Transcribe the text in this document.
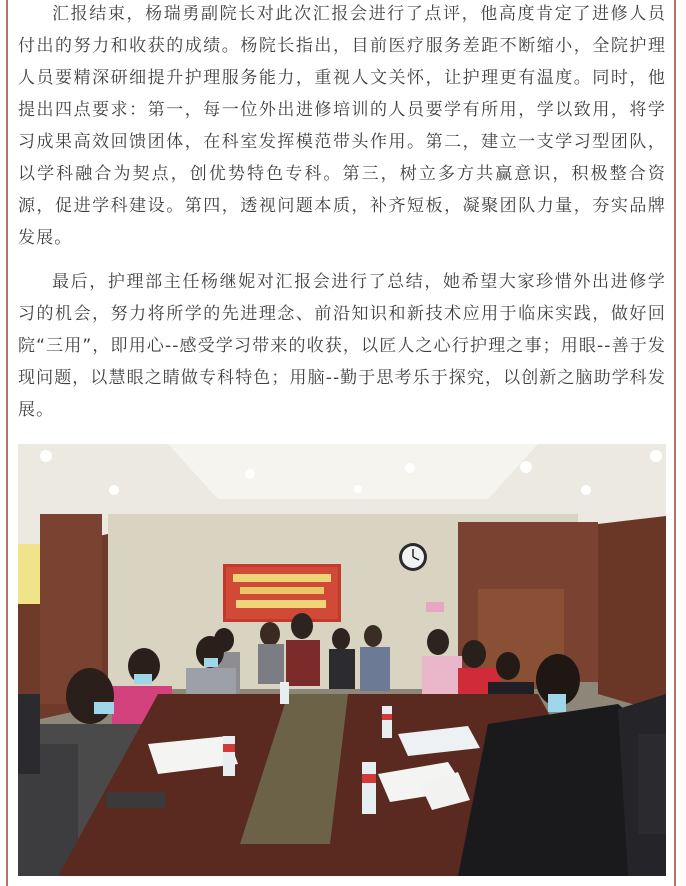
汇报结束，杨瑞勇副院长对此次汇报会进行了点评，他高度肯定了进修人员付出的努力和收获的成绩。杨院长指出，目前医疗服务差距不断缩小，全院护理人员要精深研细提升护理服务能力，重视人文关怀，让护理更有温度。同时，他提出四点要求：第一，每一位外出进修培训的人员要学有所用，学以致用，将学习成果高效回馈团体，在科室发挥模范带头作用。第二，建立一支学习型团队，以学科融合为契点，创优势特色专科。第三，树立多方共赢意识，积极整合资源，促进学科建设。第四，透视问题本质，补齐短板，凝聚团队力量，夯实品牌发展。

最后，护理部主任杨继妮对汇报会进行了总结，她希望大家珍惜外出进修学习的机会，努力将所学的先进理念、前沿知识和新技术应用于临床实践，做好回院“三用”，即用心--感受学习带来的收获，以匠人之心行护理之事；用眼--善于发现问题，以慧眼之睛做专科特色；用脑--勤于思考乐于探究，以创新之脑助学科发展。
